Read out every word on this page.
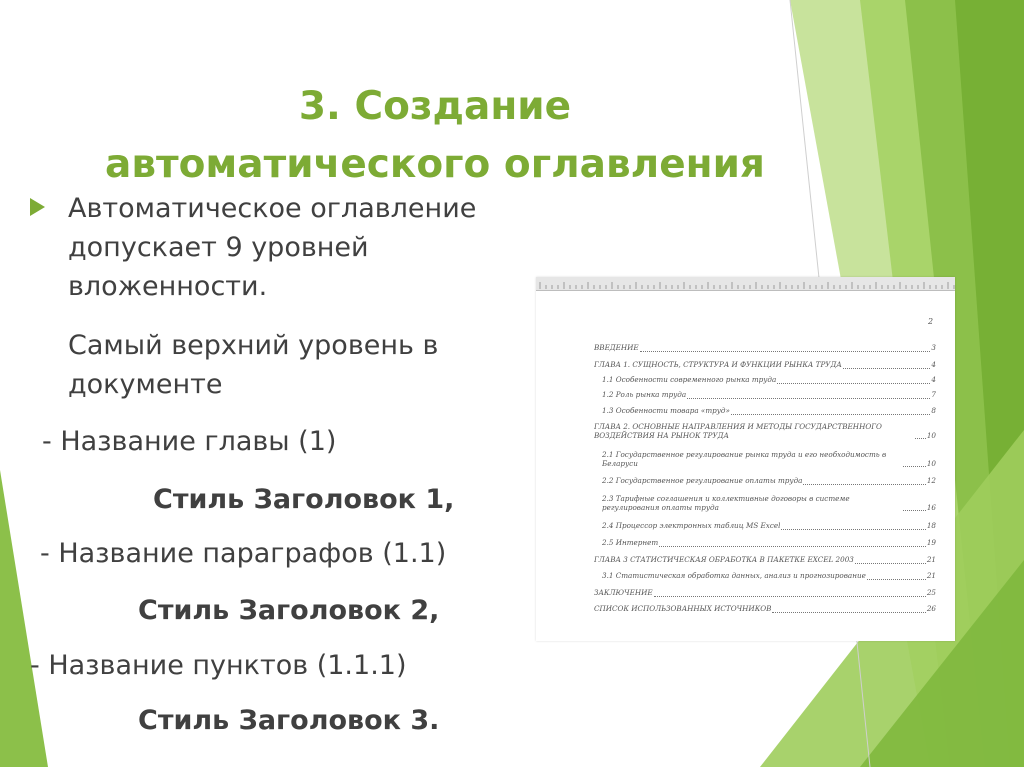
3. Создание
автоматического оглавления
Автоматическое оглавление
допускает 9 уровней
вложенности.
Самый верхний уровень в
документе
- Название главы (1)
Стиль Заголовок 1,
- Название параграфов (1.1)
Стиль Заголовок 2,
- Название пунктов (1.1.1)
Стиль Заголовок 3.
2
ВВЕДЕНИЕ	3
ГЛАВА 1. СУЩНОСТЬ, СТРУКТУРА И ФУНКЦИИ РЫНКА ТРУДА	4
1.1 Особенности современного рынка труда	4
1.2 Роль рынка труда	7
1.3 Особенности товара «труд»	8
ГЛАВА 2. ОСНОВНЫЕ НАПРАВЛЕНИЯ И МЕТОДЫ ГОСУДАРСТВЕННОГО ВОЗДЕЙСТВИЯ НА РЫНОК ТРУДА	10
2.1 Государственное регулирование рынка труда и его необходимость в Беларуси	10
2.2 Государственное регулирование оплаты труда	12
2.3 Тарифные соглашения и коллективные договоры в системе регулирования оплаты труда	16
2.4 Процессор электронных таблиц MS Excel	18
2.5 Интернет	19
ГЛАВА 3 СТАТИСТИЧЕСКАЯ ОБРАБОТКА В ПАКЕТКЕ EXCEL 2003	21
3.1 Статистическая обработка данных, анализ и прогнозирование	21
ЗАКЛЮЧЕНИЕ	25
СПИСОК ИСПОЛЬЗОВАННЫХ ИСТОЧНИКОВ	26
